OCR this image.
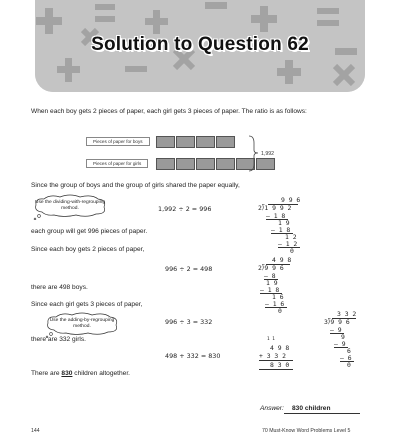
Solution to Question 62
When each boy gets 2 pieces of paper, each girl gets 3 pieces of paper. The ratio is as follows:
Pieces of paper for boys
Pieces of paper for girls
1,992
Since the group of boys and the group of girls shared the paper equally,
Use the dividing-with-regrouping method.	1,992 ÷ 2 = 996
9 9 6
2⟌1 9 9 2
– 1 8
1 9
– 1 8
1 2
– 1 2
0
each group will get 996 pieces of paper.
Since each boy gets 2 pieces of paper,
996 ÷ 2 = 498
4 9 8
2⟌9 9 6
– 8
1 9
– 1 8
1 6
– 1 6
0
there are 498 boys.
Since each girl gets 3 pieces of paper,
996 ÷ 3 = 332
3 3 2
3⟌9 9 6
– 9
9
– 9
6
– 6
0
there are 332 girls.
Use the adding-by-regrouping method.
498 + 332 = 830
1 1
4 9 8
+ 3 3 2
8 3 0
There are 830 children altogether.
Answer: 830 children
144	70 Must-Know Word Problems Level 5
